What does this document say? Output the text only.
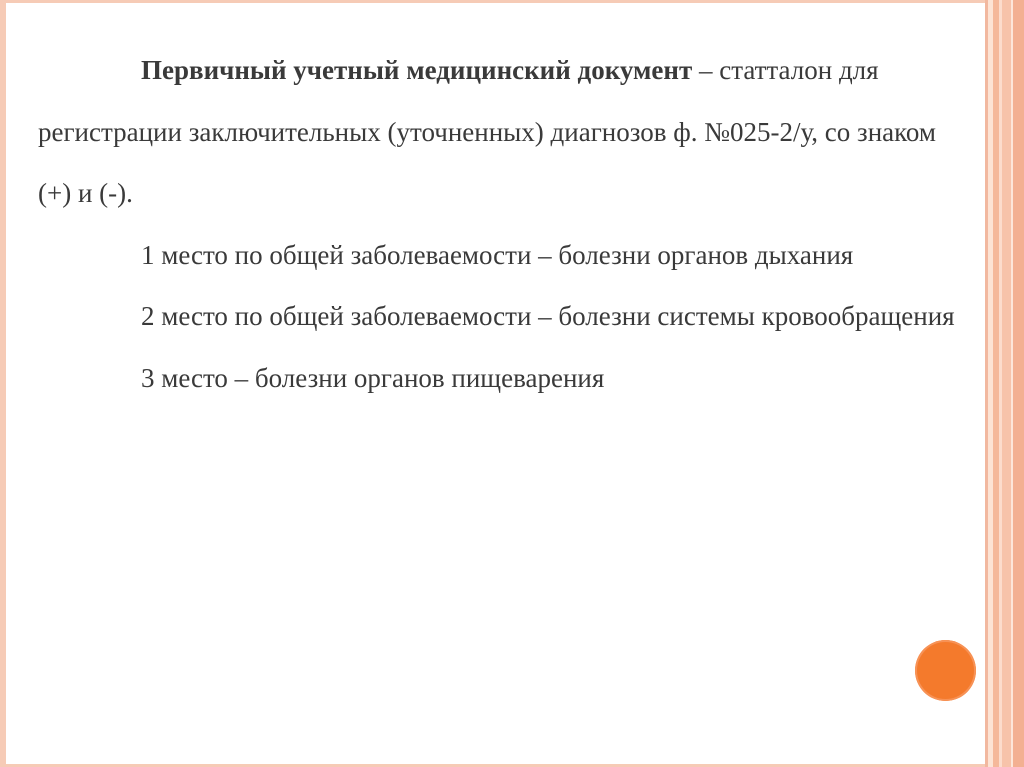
Первичный учетный медицинский документ – статталон для регистрации заключительных (уточненных) диагнозов ф. №025-2/у, со знаком (+) и (-).

1 место по общей заболеваемости – болезни органов дыхания

2 место по общей заболеваемости – болезни системы кровообращения

3 место – болезни органов пищеварения
